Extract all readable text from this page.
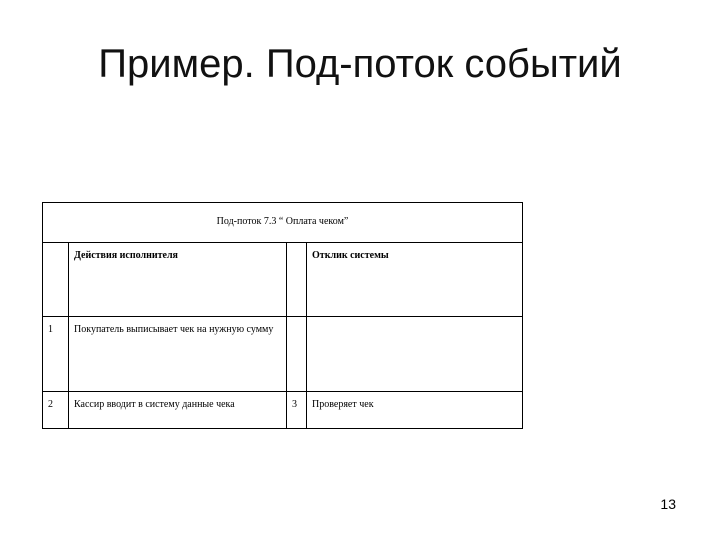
Пример. Под-поток событий
Под-поток 7.3 “ Оплата чеком”			
	Действия исполнителя		Отклик системы
1	Покупатель выписывает чек на нужную сумму		
2	Кассир вводит в систему данные чека	3	Проверяет чек
13
